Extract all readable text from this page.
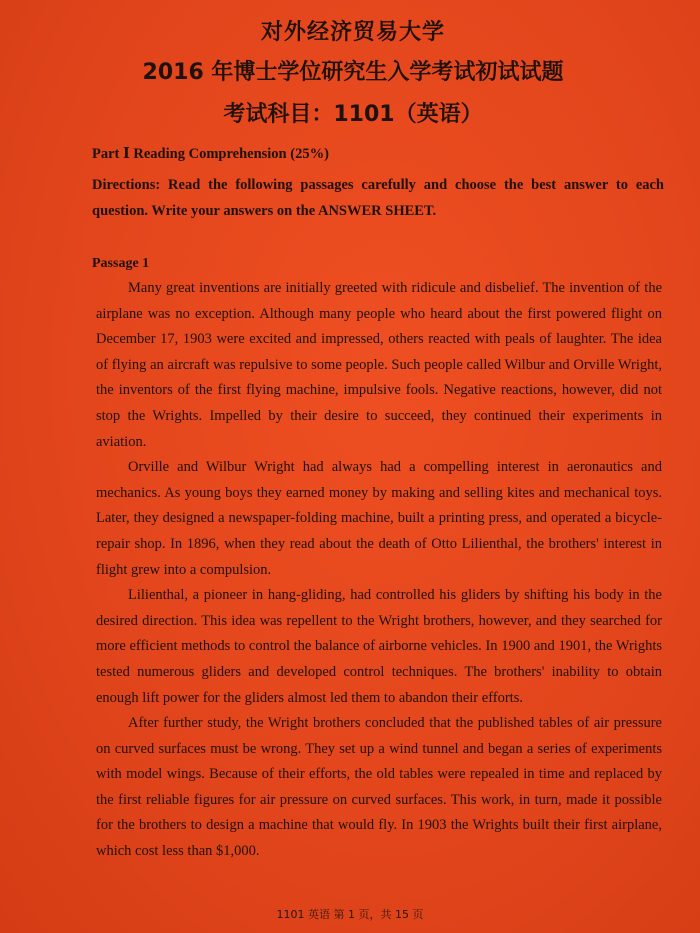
对外经济贸易大学
2016 年博士学位研究生入学考试初试试题
考试科目：1101（英语）
Part Ⅰ Reading Comprehension (25%)
Directions: Read the following passages carefully and choose the best answer to each question. Write your answers on the ANSWER SHEET.
Passage 1

Many great inventions are initially greeted with ridicule and disbelief. The invention of the airplane was no exception. Although many people who heard about the first powered flight on December 17, 1903 were excited and impressed, others reacted with peals of laughter. The idea of flying an aircraft was repulsive to some people. Such people called Wilbur and Orville Wright, the inventors of the first flying machine, impulsive fools. Negative reactions, however, did not stop the Wrights. Impelled by their desire to succeed, they continued their experiments in aviation.

Orville and Wilbur Wright had always had a compelling interest in aeronautics and mechanics. As young boys they earned money by making and selling kites and mechanical toys. Later, they designed a newspaper-folding machine, built a printing press, and operated a bicycle-repair shop. In 1896, when they read about the death of Otto Lilienthal, the brothers' interest in flight grew into a compulsion.

Lilienthal, a pioneer in hang-gliding, had controlled his gliders by shifting his body in the desired direction. This idea was repellent to the Wright brothers, however, and they searched for more efficient methods to control the balance of airborne vehicles. In 1900 and 1901, the Wrights tested numerous gliders and developed control techniques. The brothers' inability to obtain enough lift power for the gliders almost led them to abandon their efforts.

After further study, the Wright brothers concluded that the published tables of air pressure on curved surfaces must be wrong. They set up a wind tunnel and began a series of experiments with model wings. Because of their efforts, the old tables were repealed in time and replaced by the first reliable figures for air pressure on curved surfaces. This work, in turn, made it possible for the brothers to design a machine that would fly. In 1903 the Wrights built their first airplane, which cost less than $1,000.

1101 英语 第 1 页，共 15 页
